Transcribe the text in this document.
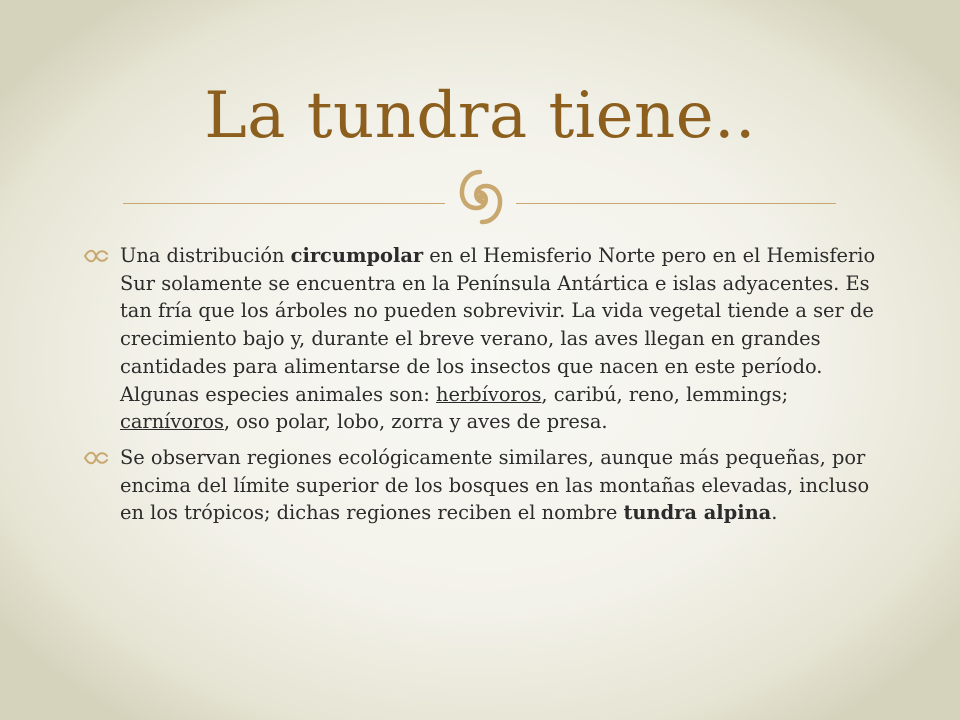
La tundra tiene..
Una distribución circumpolar en el Hemisferio Norte pero en el Hemisferio Sur solamente se encuentra en la Península Antártica e islas adyacentes. Es tan fría que los árboles no pueden sobrevivir. La vida vegetal tiende a ser de crecimiento bajo y, durante el breve verano, las aves llegan en grandes cantidades para alimentarse de los insectos que nacen en este período. Algunas especies animales son: herbívoros, caribú, reno, lemmings; carnívoros, oso polar, lobo, zorra y aves de presa.
Se observan regiones ecológicamente similares, aunque más pequeñas, por encima del límite superior de los bosques en las montañas elevadas, incluso en los trópicos; dichas regiones reciben el nombre tundra alpina.
